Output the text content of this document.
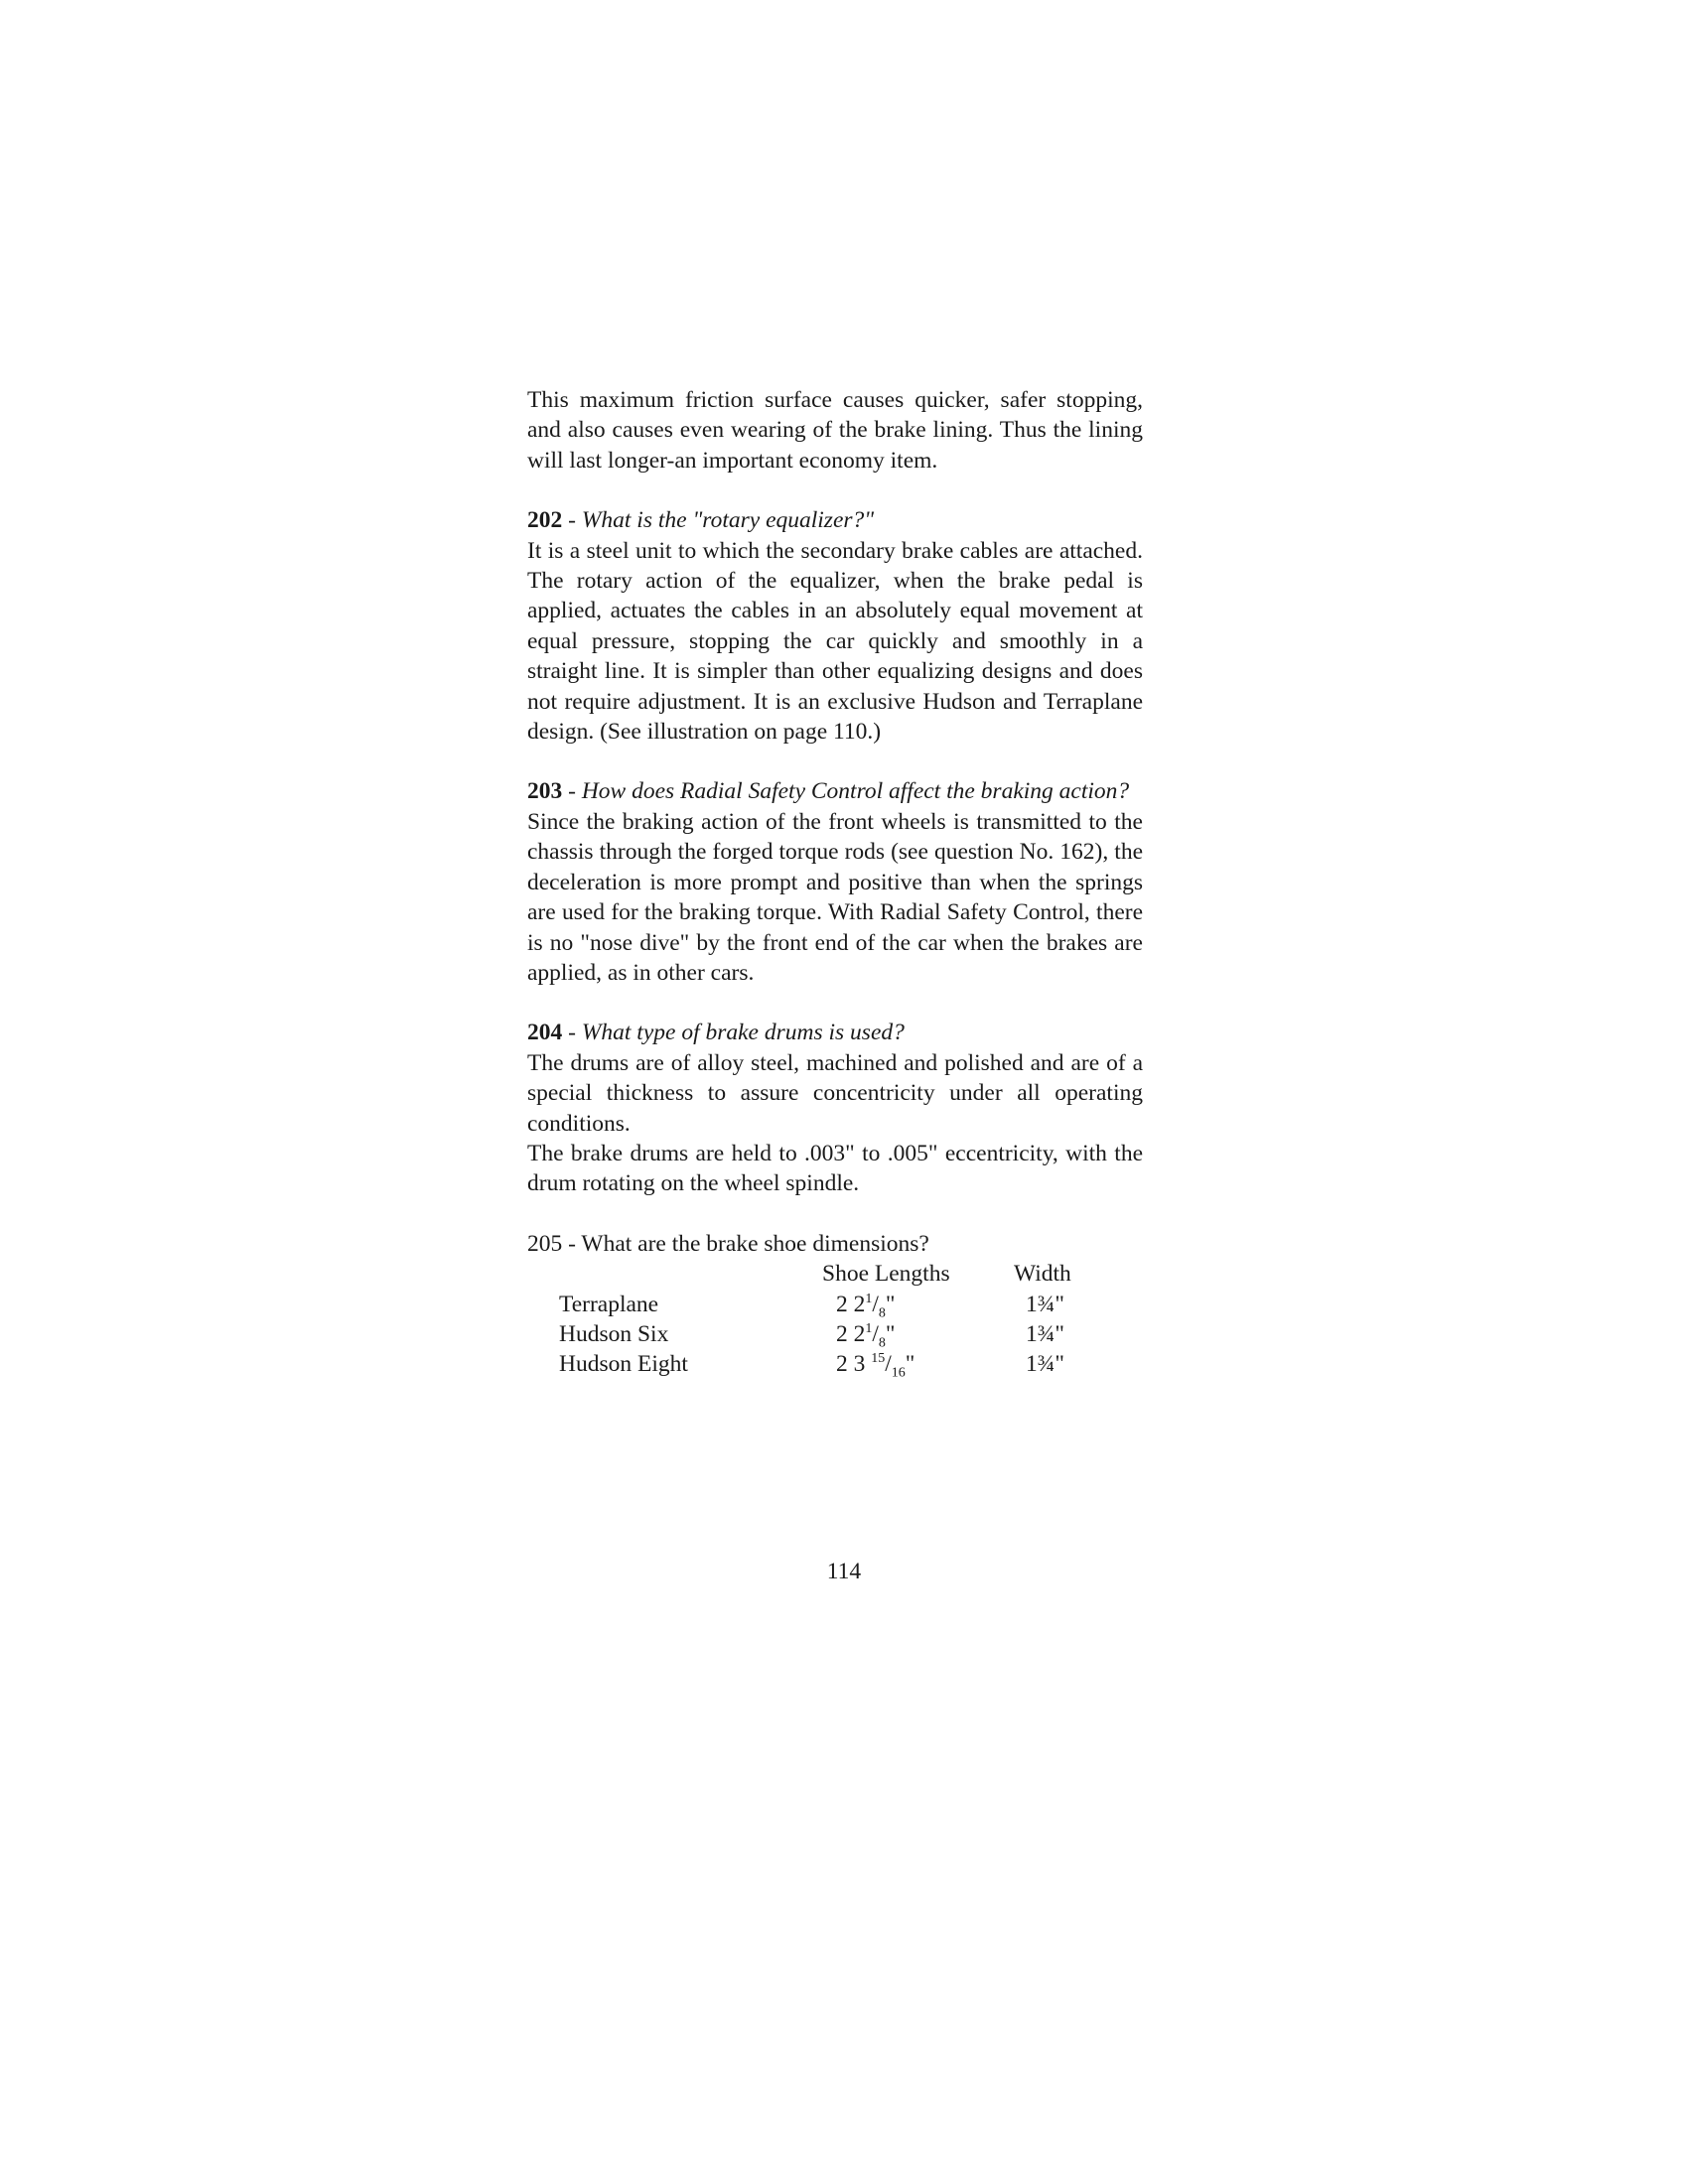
This maximum friction surface causes quicker, safer stopping, and also causes even wearing of the brake lining. Thus the lining will last longer-an important economy item.

202 - What is the "rotary equalizer?"

It is a steel unit to which the secondary brake cables are attached. The rotary action of the equalizer, when the brake pedal is applied, actuates the cables in an absolutely equal movement at equal pressure, stopping the car quickly and smoothly in a straight line. It is simpler than other equalizing designs and does not require adjustment. It is an exclusive Hudson and Terraplane design. (See illustration on page 110.)

203 - How does Radial Safety Control affect the braking action?

Since the braking action of the front wheels is transmitted to the chassis through the forged torque rods (see question No. 162), the deceleration is more prompt and positive than when the springs are used for the braking torque. With Radial Safety Control, there is no "nose dive" by the front end of the car when the brakes are applied, as in other cars.

204 - What type of brake drums is used?

The drums are of alloy steel, machined and polished and are of a special thickness to assure concentricity under all operating conditions.

The brake drums are held to .003" to .005" eccentricity, with the drum rotating on the wheel spindle.

205 - What are the brake shoe dimensions?

	Shoe Lengths	Width
Terraplane	2 $2^1/_8$"	1¾"
Hudson Six	2 $2^1/_8$"	1¾"
Hudson Eight	2 3 $^{15}/_{16}$"	1¾"
114
